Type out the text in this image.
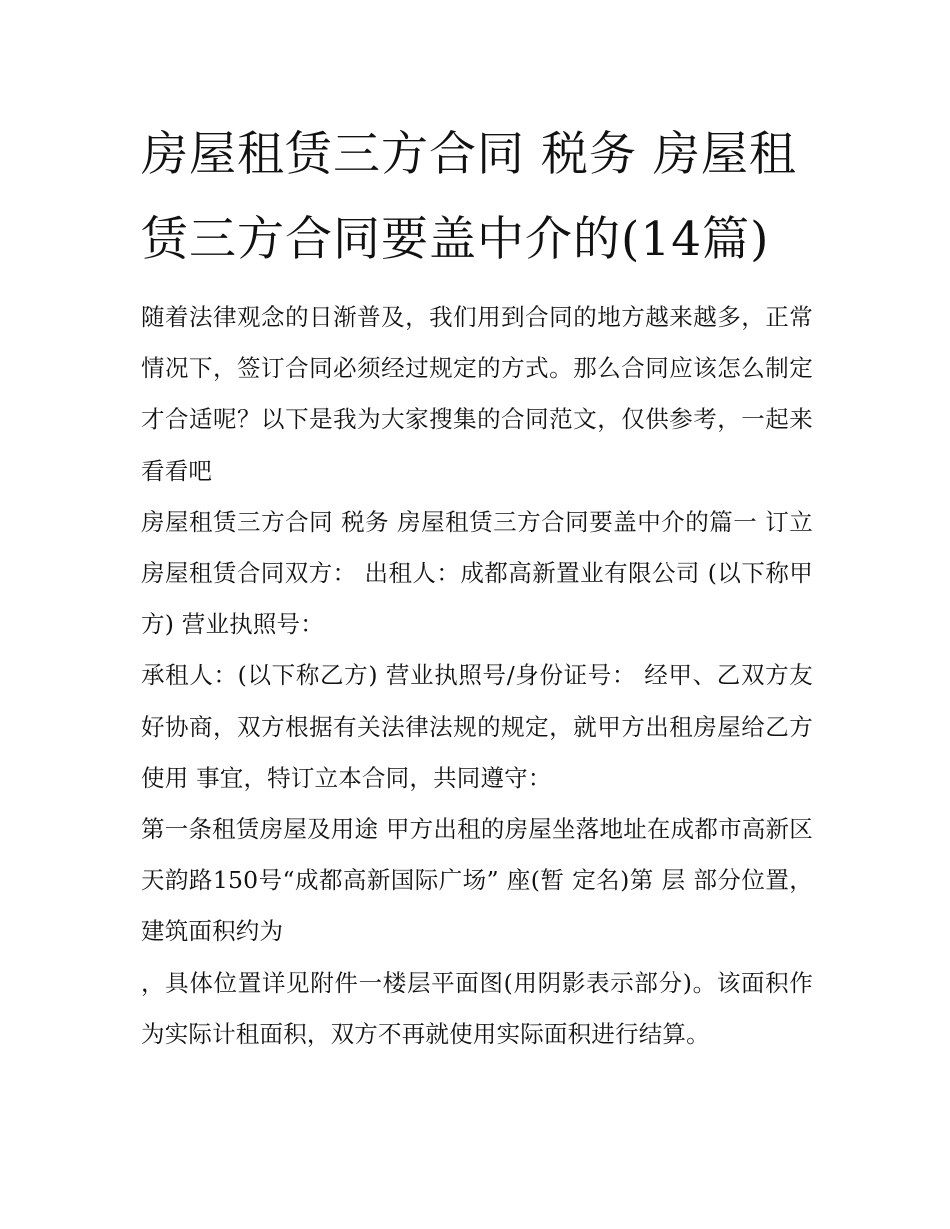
房屋租赁三方合同 税务 房屋租赁三方合同要盖中介的(14篇)

随着法律观念的日渐普及，我们用到合同的地方越来越多，正常情况下，签订合同必须经过规定的方式。那么合同应该怎么制定才合适呢？以下是我为大家搜集的合同范文，仅供参考，一起来看看吧

房屋租赁三方合同 税务 房屋租赁三方合同要盖中介的篇一 订立房屋租赁合同双方： 出租人：成都高新置业有限公司 (以下称甲方) 营业执照号：

承租人：(以下称乙方) 营业执照号/身份证号： 经甲、乙双方友好协商，双方根据有关法律法规的规定，就甲方出租房屋给乙方使用 事宜，特订立本合同，共同遵守：

第一条租赁房屋及用途 甲方出租的房屋坐落地址在成都市高新区天韵路150号“成都高新国际广场” 座(暂 定名)第 层 部分位置，建筑面积约为

，具体位置详见附件一楼层平面图(用阴影表示部分)。该面积作为实际计租面积，双方不再就使用实际面积进行结算。
